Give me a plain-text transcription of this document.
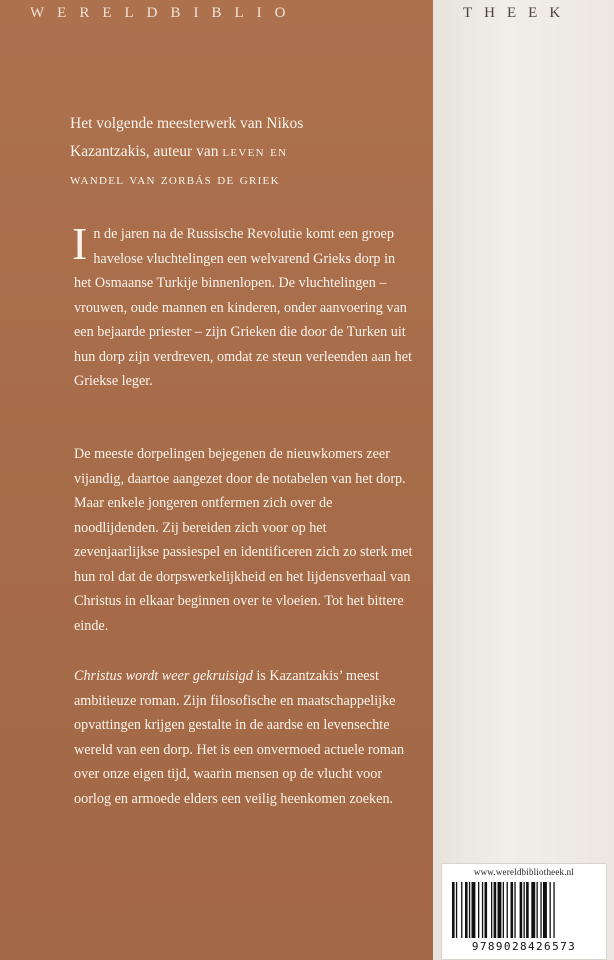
WERELDBIBLIO	THEEK
Het volgende meesterwerk van Nikos
Kazantzakis, auteur van leven en
wandel van zorbás de griek

In de jaren na de Russische Revolutie komt een groep havelose vluchtelingen een welvarend Grieks dorp in het Osmaanse Turkije binnenlopen. De vluchtelingen – vrouwen, oude mannen en kinderen, onder aanvoering van een bejaarde priester – zijn Grieken die door de Turken uit hun dorp zijn verdreven, omdat ze steun verleenden aan het Griekse leger.

De meeste dorpelingen bejegenen de nieuwkomers zeer vijandig, daartoe aangezet door de notabelen van het dorp. Maar enkele jongeren ontfermen zich over de noodlijdenden. Zij bereiden zich voor op het zevenjaarlijkse passiespel en identificeren zich zo sterk met hun rol dat de dorpswerkelijkheid en het lijdensverhaal van Christus in elkaar beginnen over te vloeien. Tot het bittere einde.

Christus wordt weer gekruisigd is Kazantzakis’ meest ambitieuze roman. Zijn filosofische en maatschappelijke opvattingen krijgen gestalte in de aardse en levensechte wereld van een dorp. Het is een onvermoed actuele roman over onze eigen tijd, waarin mensen op de vlucht voor oorlog en armoede elders een veilig heenkomen zoeken.

www.wereldbibliotheek.nl
9789028426573
